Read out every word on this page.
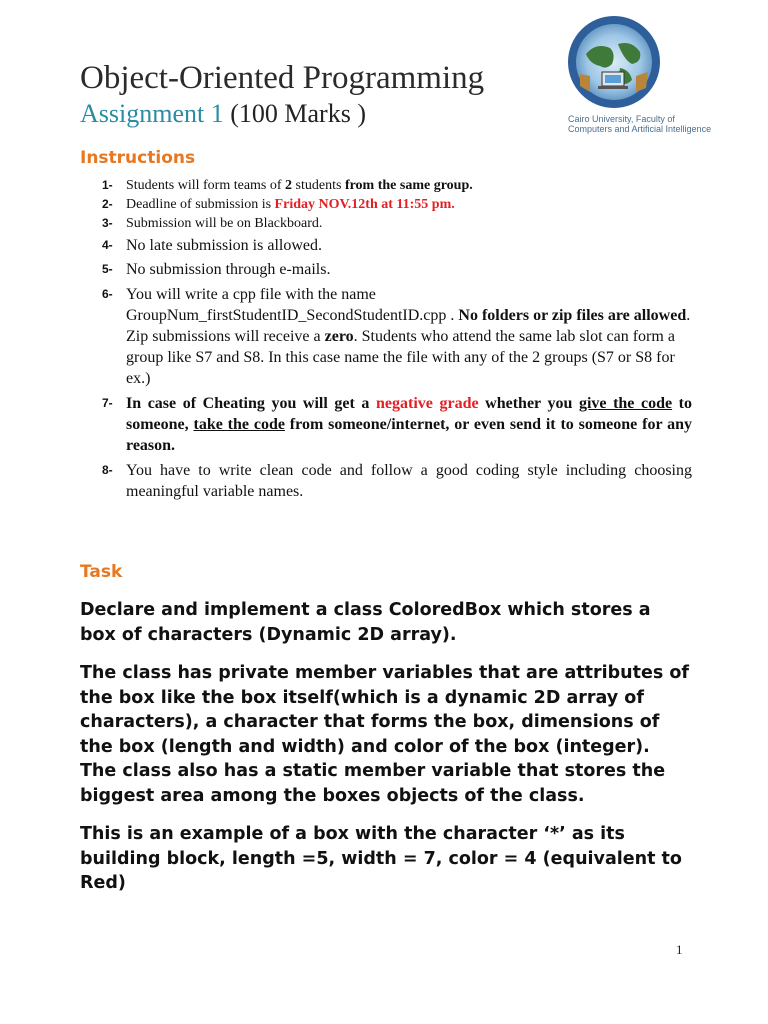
Object-Oriented Programming
Assignment 1 (100 Marks )	Cairo University, Faculty of
Computers and Artificial Intelligence
Instructions
1- Students will form teams of 2 students from the same group.
2- Deadline of submission is Friday NOV.12th at 11:55 pm.
3- Submission will be on Blackboard.
4- No late submission is allowed.
5- No submission through e-mails.
6- You will write a cpp file with the name GroupNum_firstStudentID_SecondStudentID.cpp . No folders or zip files are allowed. Zip submissions will receive a zero. Students who attend the same lab slot can form a group like S7 and S8. In this case name the file with any of the 2 groups (S7 or S8 for ex.)
7- In case of Cheating you will get a negative grade whether you give the code to someone, take the code from someone/internet, or even send it to someone for any reason.
8- You have to write clean code and follow a good coding style including choosing meaningful variable names.
Task

Declare and implement a class ColoredBox which stores a box of characters (Dynamic 2D array).

The class has private member variables that are attributes of the box like the box itself(which is a dynamic 2D array of characters), a character that forms the box, dimensions of the box (length and width) and color of the box (integer). The class also has a static member variable that stores the biggest area among the boxes objects of the class.

This is an example of a box with the character ‘*’ as its building block, length =5, width = 7, color = 4 (equivalent to Red)

1
